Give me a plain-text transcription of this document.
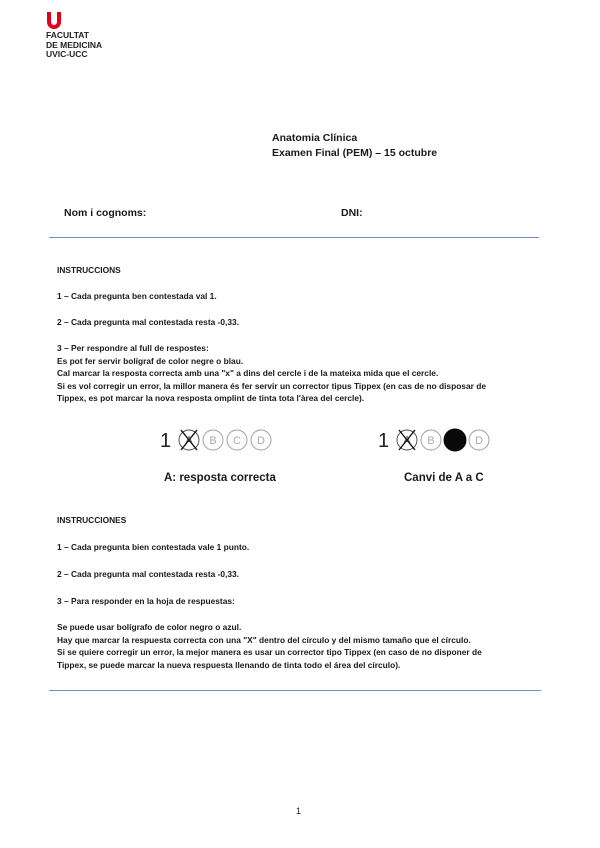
FACULTAT
DE MEDICINA
UVIC-UCC
Anatomia Clínica
Examen Final (PEM) – 15 octubre
Nom i cognoms:	DNI:
INSTRUCCIONS
1 – Cada pregunta ben contestada val 1.
2 – Cada pregunta mal contestada resta -0,33.
3 – Per respondre al full de respostes:
Es pot fer servir bolígraf de color negre o blau.
Cal marcar la resposta correcta amb una "x" a dins del cercle i de la mateixa mida que el cercle.
Si es vol corregir un error, la millor manera és fer servir un corrector tipus Tippex (en cas de no disposar de
Tippex, es pot marcar la nova resposta omplint de tinta tota l'àrea del cercle).
1 A B C D	1 A B C D
A: resposta correcta	Canvi de A a C
INSTRUCCIONES
1 – Cada pregunta bien contestada vale 1 punto.
2 – Cada pregunta mal contestada resta -0,33.
3 – Para responder en la hoja de respuestas:
Se puede usar bolígrafo de color negro o azul.
Hay que marcar la respuesta correcta con una "X" dentro del círculo y del mismo tamaño que el círculo.
Si se quiere corregir un error, la mejor manera es usar un corrector tipo Tippex (en caso de no disponer de
Tippex, se puede marcar la nueva respuesta llenando de tinta todo el área del círculo).
1
